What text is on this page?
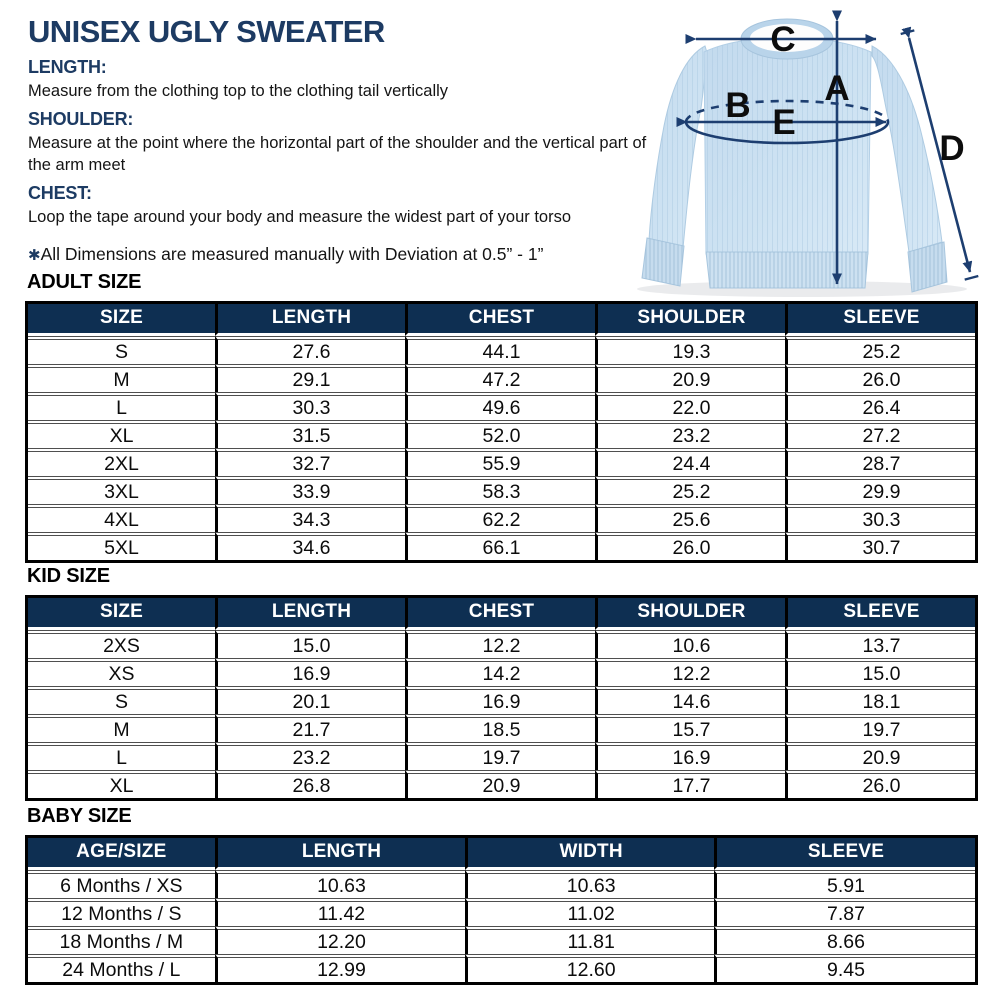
UNISEX UGLY SWEATER
LENGTH:

Measure from the clothing top to the clothing tail vertically

SHOULDER:

Measure at the point where the horizontal part of the shoulder and the vertical part of the arm meet

CHEST:

Loop the tape around your body and measure the widest part of your torso

✱All Dimensions are measured manually with Deviation at 0.5” - 1”

A
B
C
D
E
ADULT SIZE
SIZE	LENGTH	CHEST	SHOULDER	SLEEVE
S	27.6	44.1	19.3	25.2
M	29.1	47.2	20.9	26.0
L	30.3	49.6	22.0	26.4
XL	31.5	52.0	23.2	27.2
2XL	32.7	55.9	24.4	28.7
3XL	33.9	58.3	25.2	29.9
4XL	34.3	62.2	25.6	30.3
5XL	34.6	66.1	26.0	30.7
KID SIZE
SIZE	LENGTH	CHEST	SHOULDER	SLEEVE
2XS	15.0	12.2	10.6	13.7
XS	16.9	14.2	12.2	15.0
S	20.1	16.9	14.6	18.1
M	21.7	18.5	15.7	19.7
L	23.2	19.7	16.9	20.9
XL	26.8	20.9	17.7	26.0
BABY SIZE
AGE/SIZE	LENGTH	WIDTH	SLEEVE
6 Months / XS	10.63	10.63	5.91
12 Months / S	11.42	11.02	7.87
18 Months / M	12.20	11.81	8.66
24 Months / L	12.99	12.60	9.45
